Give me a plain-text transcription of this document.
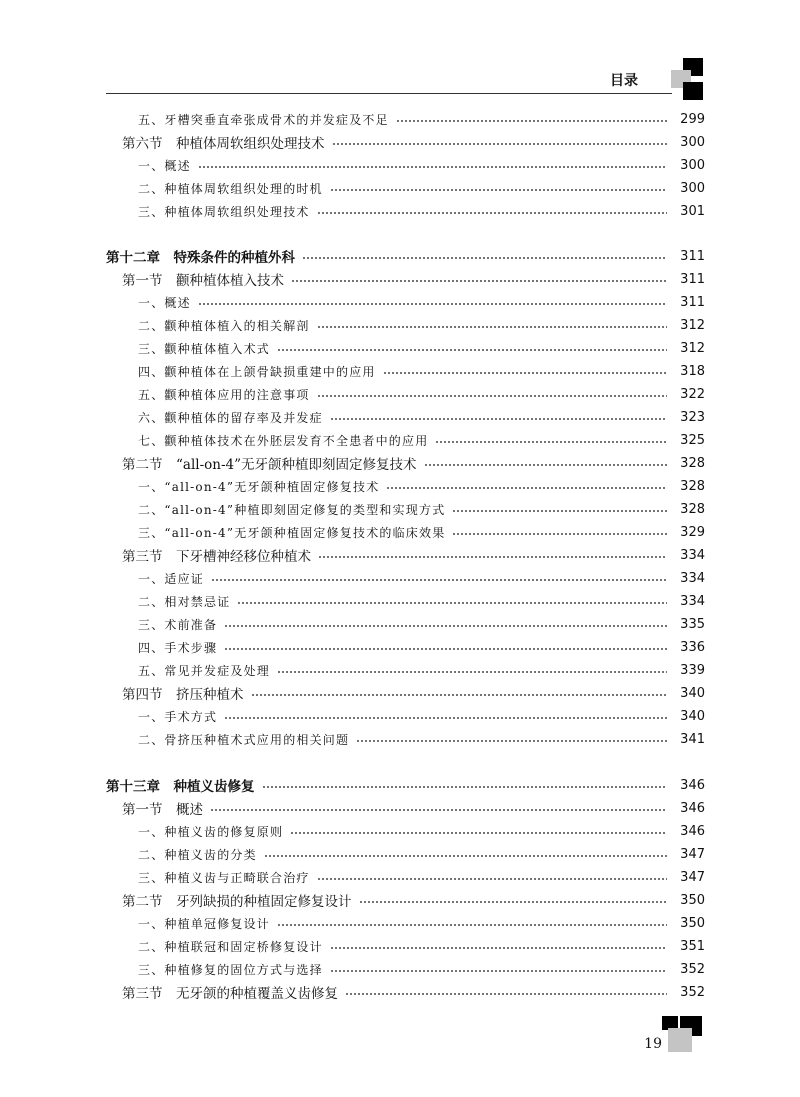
目录
五、牙槽突垂直牵张成骨术的并发症及不足	299
第六节　种植体周软组织处理技术	300
一、概述	300
二、种植体周软组织处理的时机	300
三、种植体周软组织处理技术	301
第十二章　特殊条件的种植外科	311
第一节　颧种植体植入技术	311
一、概述	311
二、颧种植体植入的相关解剖	312
三、颧种植体植入术式	312
四、颧种植体在上颌骨缺损重建中的应用	318
五、颧种植体应用的注意事项	322
六、颧种植体的留存率及并发症	323
七、颧种植体技术在外胚层发育不全患者中的应用	325
第二节　“all-on-4”无牙颌种植即刻固定修复技术	328
一、“all-on-4”无牙颌种植固定修复技术	328
二、“all-on-4”种植即刻固定修复的类型和实现方式	328
三、“all-on-4”无牙颌种植固定修复技术的临床效果	329
第三节　下牙槽神经移位种植术	334
一、适应证	334
二、相对禁忌证	334
三、术前准备	335
四、手术步骤	336
五、常见并发症及处理	339
第四节　挤压种植术	340
一、手术方式	340
二、骨挤压种植术式应用的相关问题	341
第十三章　种植义齿修复	346
第一节　概述	346
一、种植义齿的修复原则	346
二、种植义齿的分类	347
三、种植义齿与正畸联合治疗	347
第二节　牙列缺损的种植固定修复设计	350
一、种植单冠修复设计	350
二、种植联冠和固定桥修复设计	351
三、种植修复的固位方式与选择	352
第三节　无牙颌的种植覆盖义齿修复	352
19
